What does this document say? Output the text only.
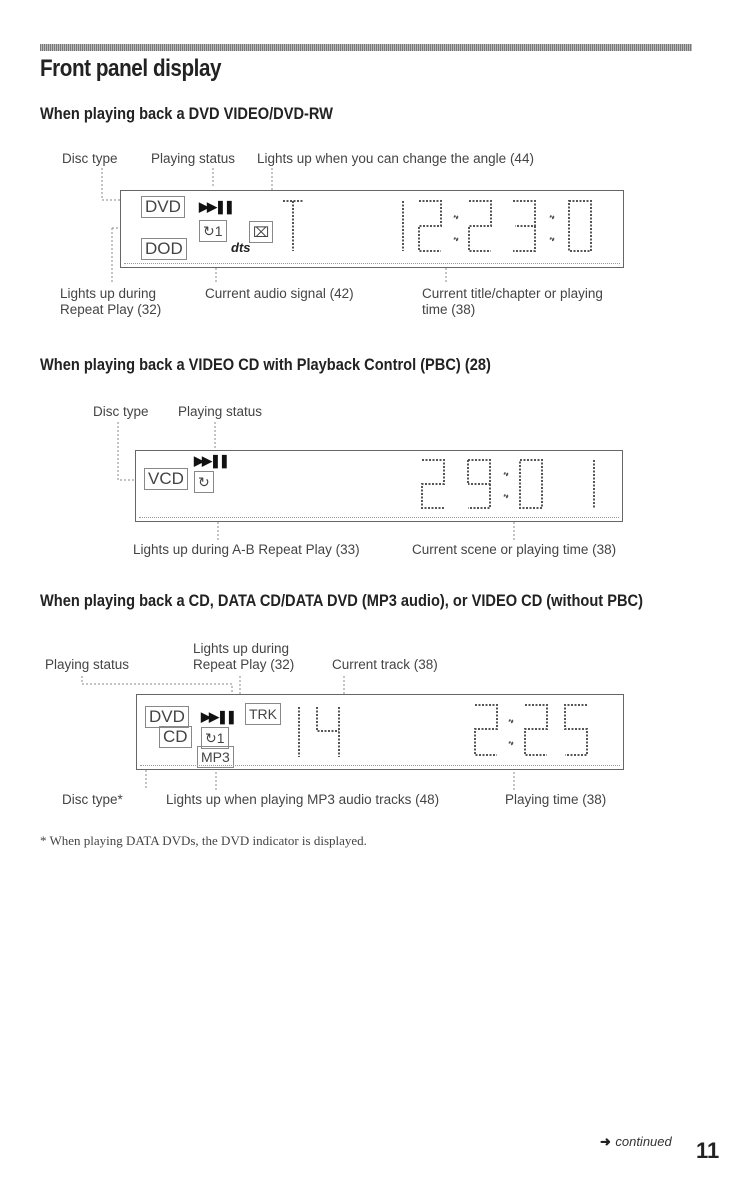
Front panel display
When playing back a DVD VIDEO/DVD-RW
Disc type Playing status Lights up when you can change the angle (44)
DVD	▶▶❚❚
↻1 ⌧
DOD	dts
Lights up during
Repeat Play (32)
Current audio signal (42)	Current title/chapter or playing
time (38)
When playing back a VIDEO CD with Playback Control (PBC) (28)
Disc type Playing status
VCD
▶▶❚❚
↻
Lights up during A-B Repeat Play (33)	Current scene or playing time (38)
When playing back a CD, DATA CD/DATA DVD (MP3 audio), or VIDEO CD (without PBC)
Lights up during
Playing status	Repeat Play (32)	Current track (38)
DVD
CD
▶▶❚❚
↻1
MP3
TRK
Disc type*	Lights up when playing MP3 audio tracks (48)	Playing time (38)
* When playing DATA DVDs, the DVD indicator is displayed.
➜ continued 11
